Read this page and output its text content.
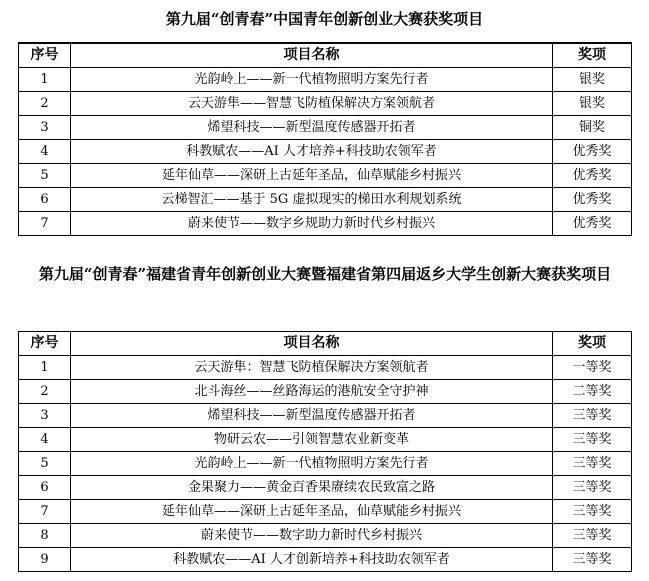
第九届“创青春”中国青年创新创业大赛获奖项目
序号	项目名称	奖项
1	光韵岭上——新一代植物照明方案先行者	银奖
2	云天游隼——智慧飞防植保解决方案领航者	银奖
3	烯望科技——新型温度传感器开拓者	铜奖
4	科教赋农——AI 人才培养+科技助农领军者	优秀奖
5	延年仙草——深研上古延年圣品，仙草赋能乡村振兴	优秀奖
6	云梯智汇——基于 5G 虚拟现实的梯田水利规划系统	优秀奖
7	蔚来使节——数字乡规助力新时代乡村振兴	优秀奖
第九届“创青春”福建省青年创新创业大赛暨福建省第四届返乡大学生创新大赛获奖项目
序号	项目名称	奖项
1	云天游隼：智慧飞防植保解决方案领航者	一等奖
2	北斗海丝——丝路海运的港航安全守护神	二等奖
3	烯望科技——新型温度传感器开拓者	三等奖
4	物研云农——引领智慧农业新变革	三等奖
5	光韵岭上——新一代植物照明方案先行者	三等奖
6	金果聚力——黄金百香果赓续农民致富之路	三等奖
7	延年仙草——深研上古延年圣品，仙草赋能乡村振兴	三等奖
8	蔚来使节——数字助力新时代乡村振兴	三等奖
9	科教赋农——AI 人才创新培养+科技助农领军者	三等奖
